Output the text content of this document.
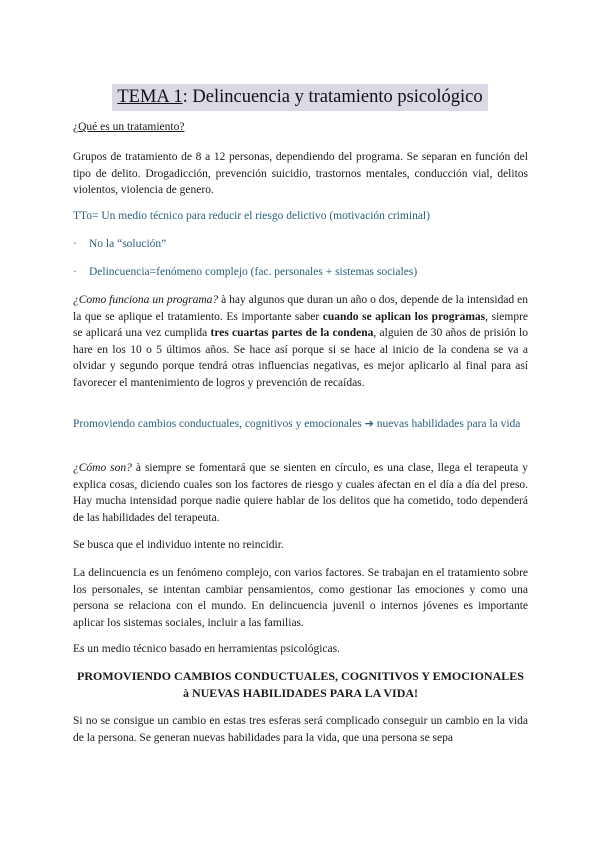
TEMA 1: Delincuencia y tratamiento psicológico
¿Qué es un tratamiento?
Grupos de tratamiento de 8 a 12 personas, dependiendo del programa. Se separan en función del tipo de delito. Drogadicción, prevención suicidio, trastornos mentales, conducción vial, delitos violentos, violencia de genero.
TTo= Un medio técnico para reducir el riesgo delictivo (motivación criminal)
· No la “solución”
· Delincuencia=fenómeno complejo (fac. personales + sistemas sociales)
¿Como funciona un programa? à hay algunos que duran un año o dos, depende de la intensidad en la que se aplique el tratamiento. Es importante saber cuando se aplican los programas, siempre se aplicará una vez cumplida tres cuartas partes de la condena, alguien de 30 años de prisión lo hare en los 10 o 5 últimos años. Se hace así porque si se hace al inicio de la condena se va a olvidar y segundo porque tendrá otras influencias negativas, es mejor aplicarlo al final para así favorecer el mantenimiento de logros y prevención de recaídas.
Promoviendo cambios conductuales, cognitivos y emocionales ➔ nuevas habilidades para la vida
¿Cómo son? à siempre se fomentará que se sienten en círculo, es una clase, llega el terapeuta y explica cosas, diciendo cuales son los factores de riesgo y cuales afectan en el día a día del preso. Hay mucha intensidad porque nadie quiere hablar de los delitos que ha cometido, todo dependerá de las habilidades del terapeuta.
Se busca que el individuo intente no reincidir.
La delincuencia es un fenómeno complejo, con varios factores. Se trabajan en el tratamiento sobre los personales, se intentan cambiar pensamientos, como gestionar las emociones y como una persona se relaciona con el mundo. En delincuencia juvenil o internos jóvenes es importante aplicar los sistemas sociales, incluir a las familias.
Es un medio técnico basado en herramientas psicológicas.
PROMOVIENDO CAMBIOS CONDUCTUALES, COGNITIVOS Y EMOCIONALES
à NUEVAS HABILIDADES PARA LA VIDA!
Si no se consigue un cambio en estas tres esferas será complicado conseguir un cambio en la vida de la persona. Se generan nuevas habilidades para la vida, que una persona se sepa
